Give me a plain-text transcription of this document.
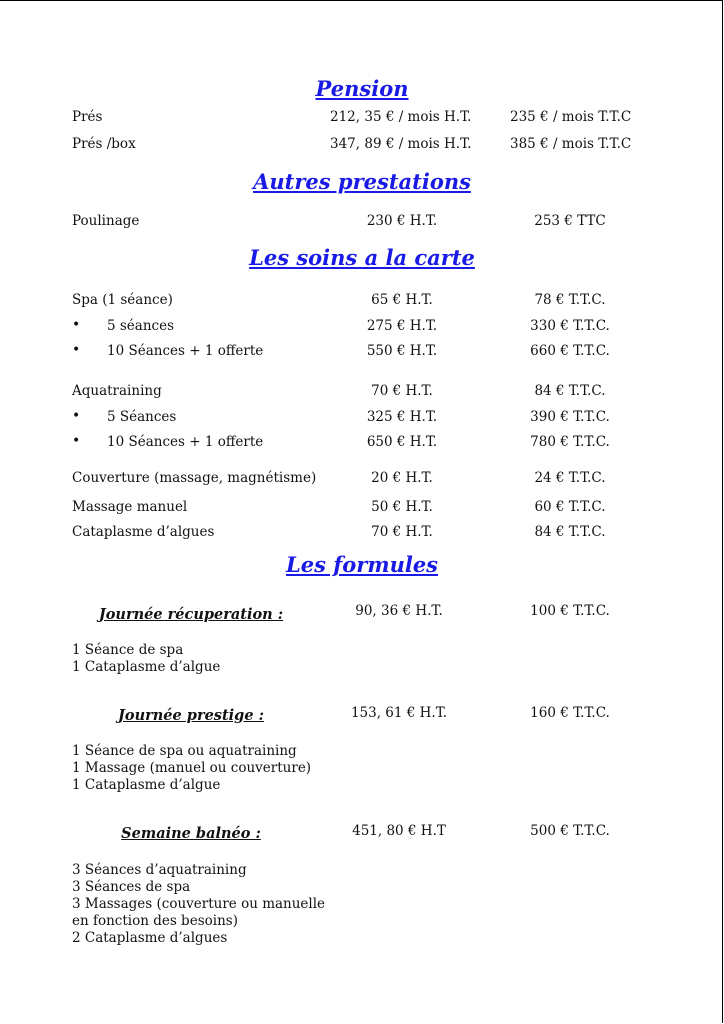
Pension
Prés	212, 35 € / mois H.T.	235 € / mois T.T.C
Prés /box	347, 89 € / mois H.T.	385 € / mois T.T.C
Autres prestations
Poulinage	230 € H.T.	253 € TTC
Les soins a la carte
Spa (1 séance)	65 € H.T.	78 € T.T.C.
• 5 séances	275 € H.T.	330 € T.T.C.
• 10 Séances + 1 offerte	550 € H.T.	660 € T.T.C.
Aquatraining	70 € H.T.	84 € T.T.C.
• 5 Séances	325 € H.T.	390 € T.T.C.
• 10 Séances + 1 offerte	650 € H.T.	780 € T.T.C.
Couverture (massage, magnétisme)	20 € H.T.	24 € T.T.C.
Massage manuel	50 € H.T.	60 € T.T.C.
Cataplasme d’algues	70 € H.T.	84 € T.T.C.
Les formules
Journée récuperation :	90, 36 € H.T.	100 € T.T.C.
1 Séance de spa
1 Cataplasme d’algue
Journée prestige :	153, 61 € H.T.	160 € T.T.C.
1 Séance de spa ou aquatraining
1 Massage (manuel ou couverture)
1 Cataplasme d’algue
Semaine balnéo :	451, 80 € H.T	500 € T.T.C.
3 Séances d’aquatraining
3 Séances de spa
3 Massages (couverture ou manuelle
en fonction des besoins)
2 Cataplasme d’algues
